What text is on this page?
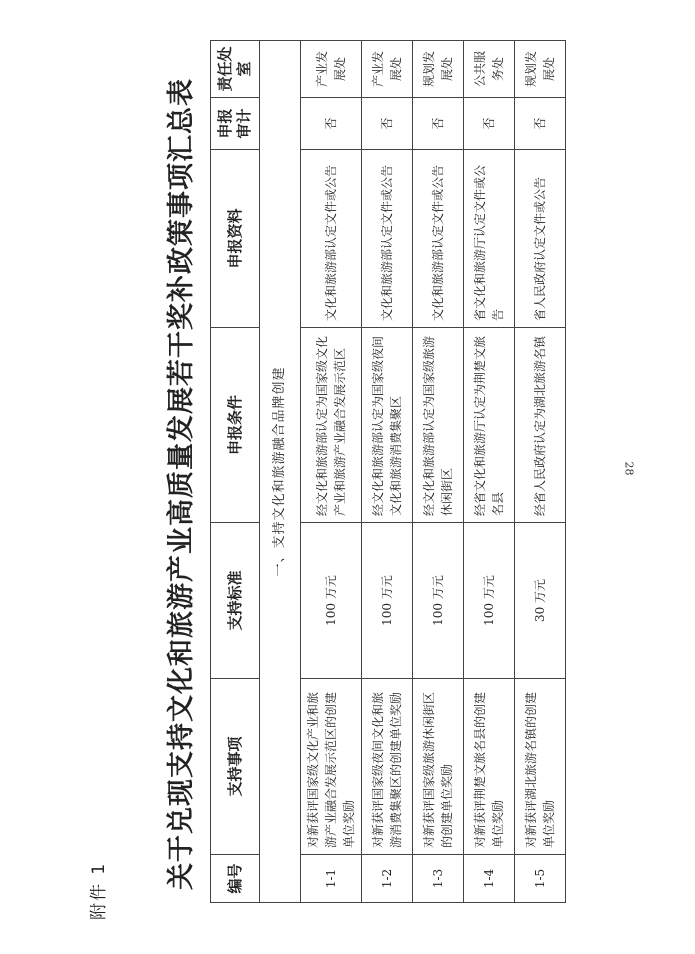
28
附件 1
关于兑现支持文化和旅游产业高质量发展若干奖补政策事项汇总表 编号	支持事项	支持标准	申报条件	申报资料	申报审计	责任处室
一、支持文化和旅游融合品牌创建						
1-1	对新获评国家级文化产业和旅游产业融合发展示范区的创建单位奖励	100 万元	经文化和旅游部认定为国家级文化产业和旅游产业融合发展示范区	文化和旅游部认定文件或公告	否	产业发展处
1-2	对新获评国家级夜间文化和旅游消费集聚区的创建单位奖励	100 万元	经文化和旅游部认定为国家级夜间文化和旅游消费集聚区	文化和旅游部认定文件或公告	否	产业发展处
1-3	对新获评国家级旅游休闲街区的创建单位奖励	100 万元	经文化和旅游部认定为国家级旅游休闲街区	文化和旅游部认定文件或公告	否	规划发展处
1-4	对新获评荆楚文旅名县的创建单位奖励	100 万元	经省文化和旅游厅认定为荆楚文旅名县	省文化和旅游厅认定文件或公告	否	公共服务处
1-5	对新获评湖北旅游名镇的创建单位奖励	30 万元	经省人民政府认定为湖北旅游名镇	省人民政府认定文件或公告	否	规划发展处
